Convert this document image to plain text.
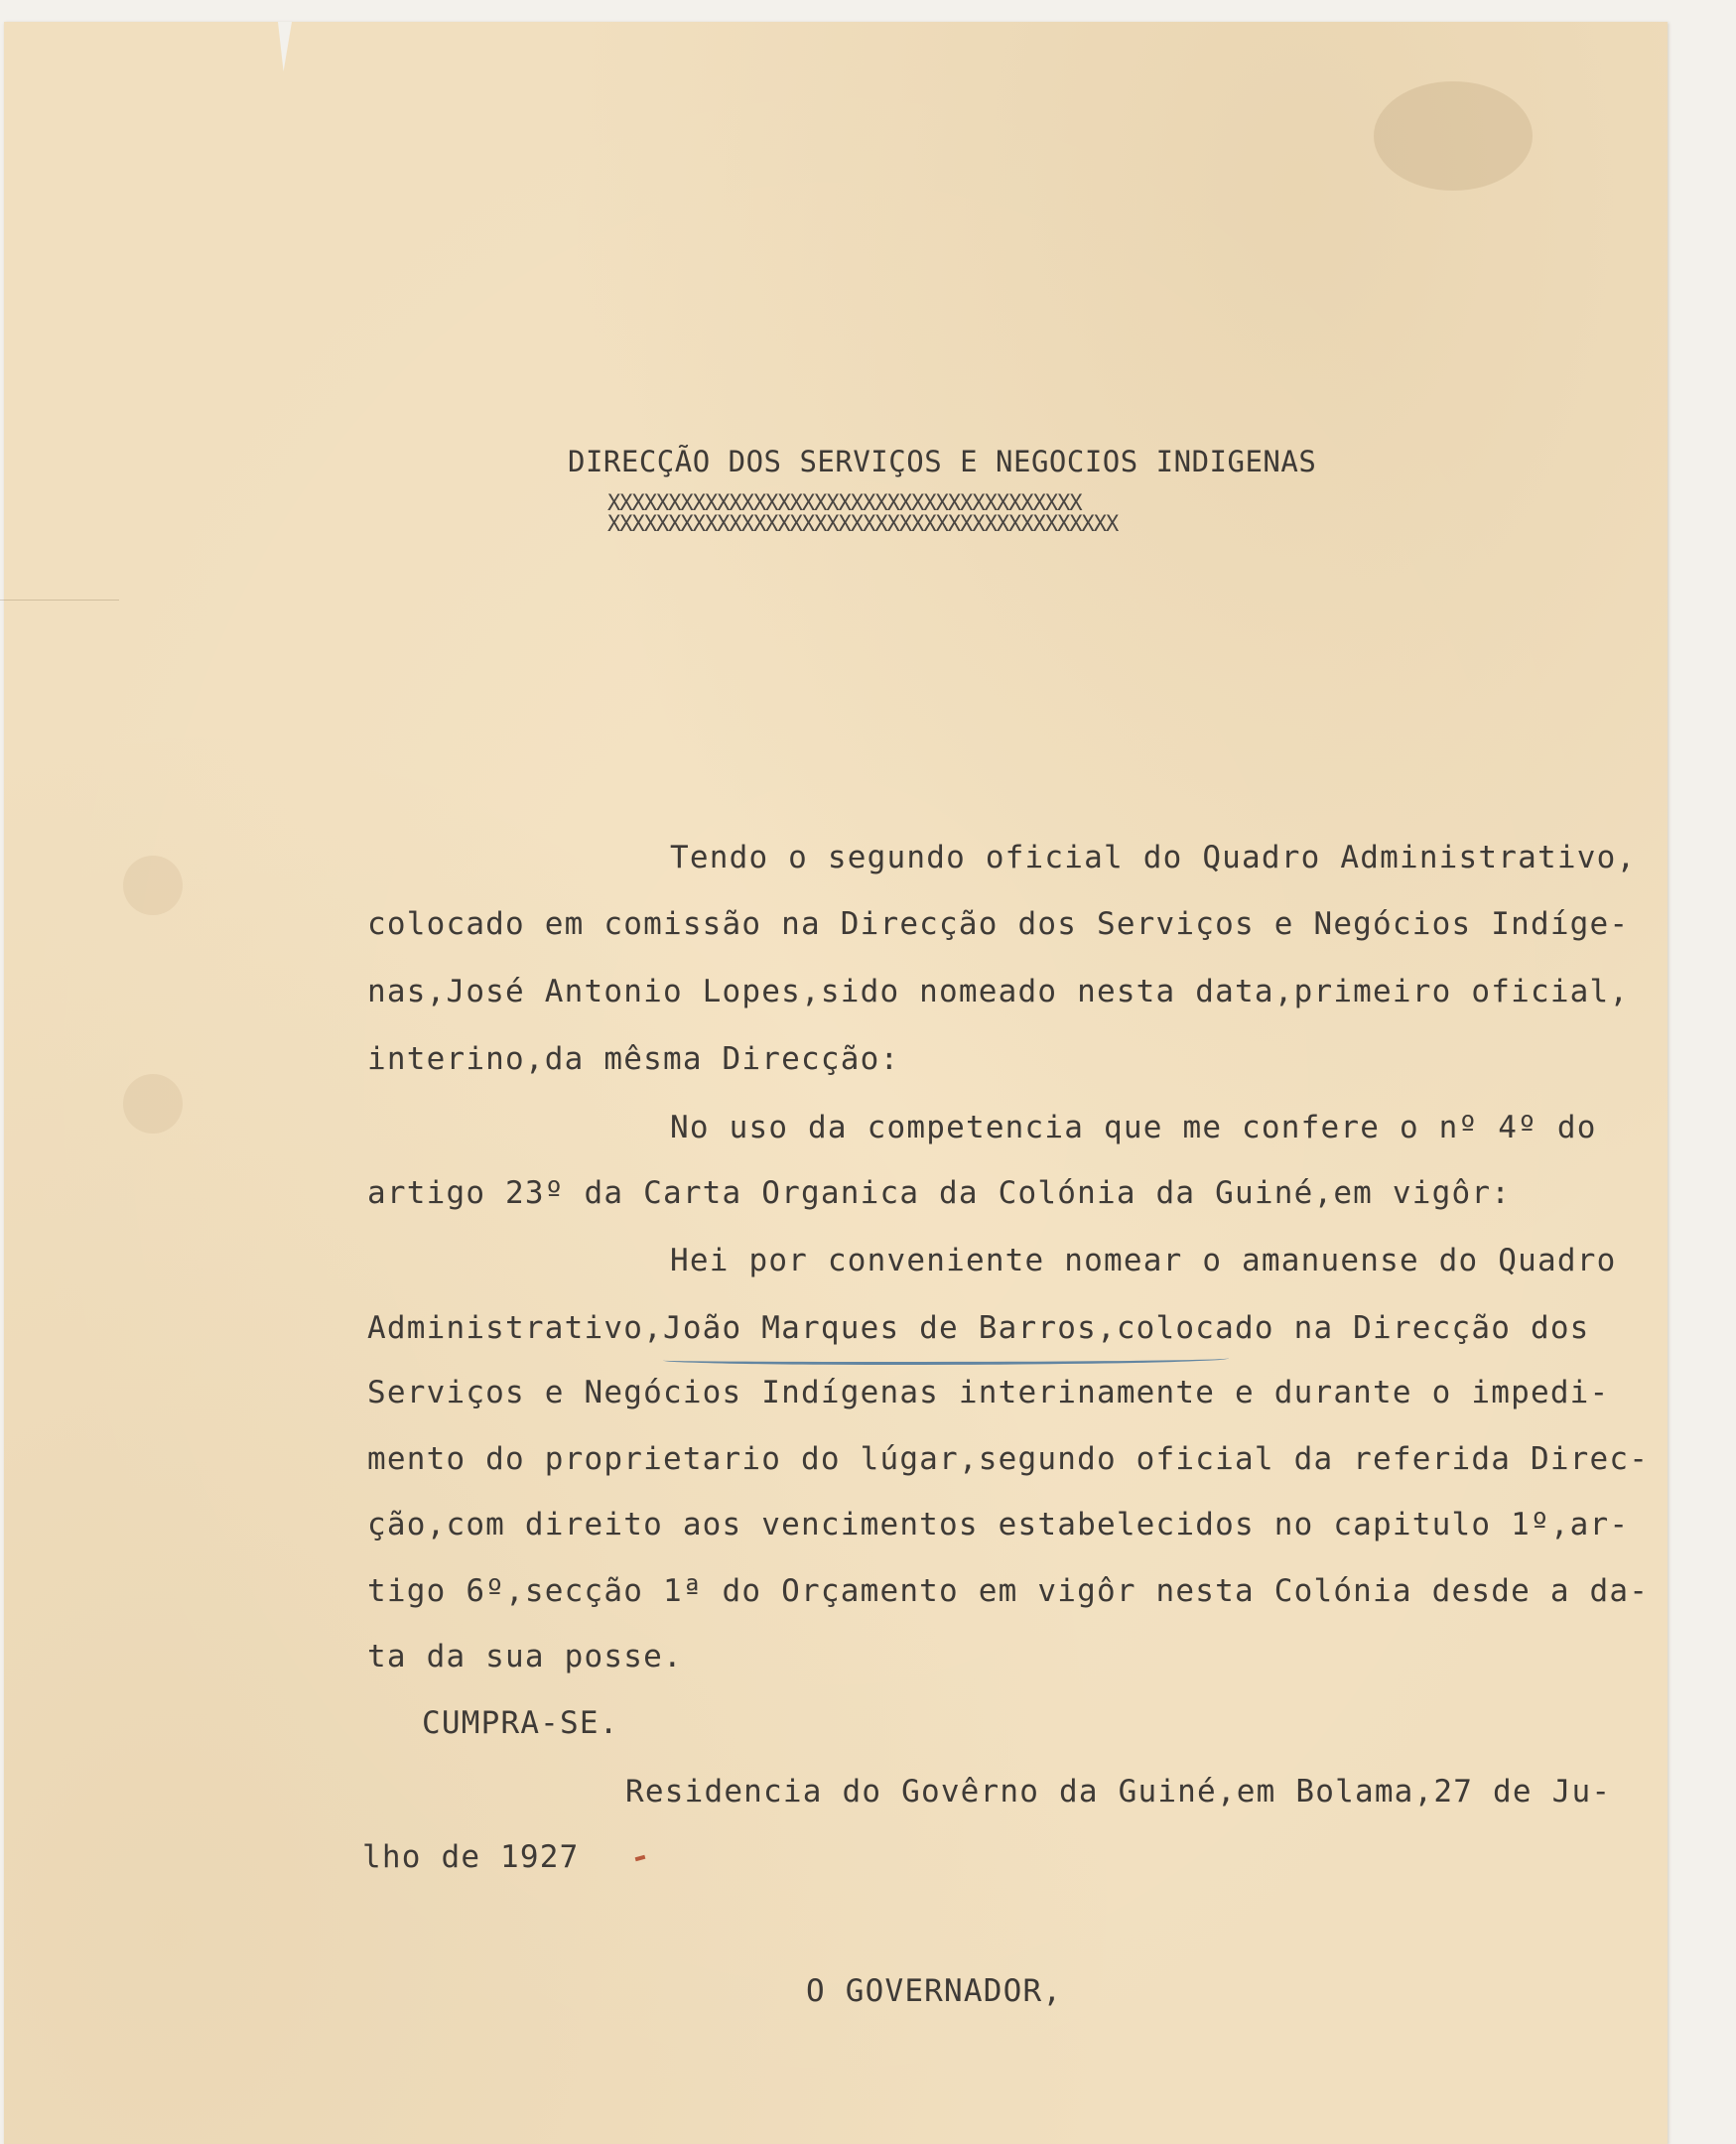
DIRECÇÃO DOS SERVIÇOS E NEGOCIOS INDIGENAS
XXXXXXXXXXXXXXXXXXXXXXXXXXXXXXXXXXXXXXX
XXXXXXXXXXXXXXXXXXXXXXXXXXXXXXXXXXXXXXXXXX
Tendo o segundo oficial do Quadro Administrativo,
colocado em comissão na Direcção dos Serviços e Negócios Indíge-
nas,José Antonio Lopes,sido nomeado nesta data,primeiro oficial,
interino,da mêsma Direcção:
No uso da competencia que me confere o nº 4º do
artigo 23º da Carta Organica da Colónia da Guiné,em vigôr:
Hei por conveniente nomear o amanuense do Quadro
Administrativo,João Marques de Barros,colocado na Direcção dos
Serviços e Negócios Indígenas interinamente e durante o impedi-
mento do proprietario do lúgar,segundo oficial da referida Direc-
ção,com direito aos vencimentos estabelecidos no capitulo 1º,ar-
tigo 6º,secção 1ª do Orçamento em vigôr nesta Colónia desde a da-
ta da sua posse.
CUMPRA-SE.
Residencia do Govêrno da Guiné,em Bolama,27 de Ju-
lho de 1927
O GOVERNADOR,
